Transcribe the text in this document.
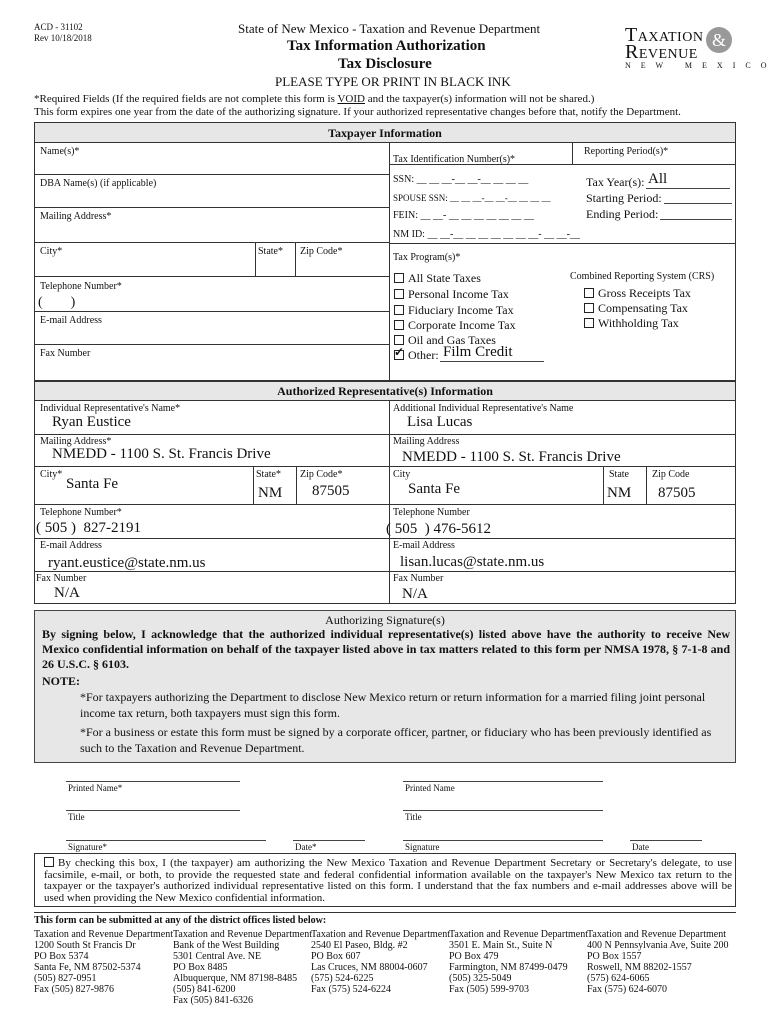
ACD - 31102
Rev 10/18/2018
State of New Mexico - Taxation and Revenue Department
Tax Information Authorization
Tax Disclosure
PLEASE TYPE OR PRINT IN BLACK INK
Taxation
Revenue
&
N E W   M E X I C O
*Required Fields (If the required fields are not complete this form is VOID and the taxpayer(s) information will not be shared.)
This form expires one year from the date of the authorizing signature. If your authorized representative changes before that, notify the Department.
Taxpayer Information
Name(s)*
Tax Identification Number(s)*
Reporting Period(s)*
DBA Name(s) (if applicable)
Mailing Address*
City*	State* Zip Code*
Telephone Number*
(        )
E-mail Address
Fax Number
SSN: __ __ __-__ __-__ __ __ __
SPOUSE SSN: __ __ __-__ __-__ __ __ __
FEIN: __ __- __ __ __ __ __ __ __
NM ID: __ __-__ __ __ __ __ __ __- __ __-__
Tax Year(s): All
Starting Period:
Ending Period:
Tax Program(s)*
All State Taxes
Personal Income Tax
Fiduciary Income Tax
Corporate Income Tax
Oil and Gas Taxes
✓ Other: Film Credit
Combined Reporting System (CRS)
Gross Receipts Tax
Compensating Tax
Withholding Tax
Authorized Representative(s) Information
Individual Representative's Name*
Ryan Eustice
Mailing Address*
NMEDD - 1100 S. St. Francis Drive
City*
Santa Fe
State*
NM
Zip Code*
87505
Telephone Number*
( 505 )  827-2191
E-mail Address
ryant.eustice@state.nm.us
Fax Number
N/A
Additional Individual Representative's Name
Lisa Lucas
Mailing Address
NMEDD - 1100 S. St. Francis Drive
City
Santa Fe
State
NM
Zip Code
87505
Telephone Number
( 505  ) 476-5612
E-mail Address
lisan.lucas@state.nm.us
Fax Number
N/A
Authorizing Signature(s)
By signing below, I acknowledge that the authorized individual representative(s) listed above have the authority to receive New Mexico confidential information on behalf of the taxpayer listed above in tax matters related to this form per NMSA 1978, § 7-1-8 and 26 U.S.C. § 6103.
NOTE:
*For taxpayers authorizing the Department to disclose New Mexico return or return information for a married filing joint personal income tax return, both taxpayers must sign this form.
*For a business or estate this form must be signed by a corporate officer, partner, or fiduciary who has been previously identified as such to the Taxation and Revenue Department.
Printed Name*	Printed Name
Title	Title
Signature*	Date*	Signature	Date
By checking this box, I (the taxpayer) am authorizing the New Mexico Taxation and Revenue Department Secretary or Secretary's delegate, to use facsimile, e-mail, or both, to provide the requested state and federal confidential information available on the taxpayer's New Mexico tax return to the taxpayer or the taxpayer's authorized individual representative listed on this form. I understand that the fax numbers and e-mail addresses above will be used when providing the New Mexico confidential information.
This form can be submitted at any of the district offices listed below:
Taxation and Revenue Department
1200 South St Francis Dr
PO Box 5374
Santa Fe, NM 87502-5374
(505) 827-0951
Fax (505) 827-9876
Taxation and Revenue Department
Bank of the West Building
5301 Central Ave. NE
PO Box 8485
Albuquerque, NM 87198-8485
(505) 841-6200
Fax (505) 841-6326
Taxation and Revenue Department
2540 El Paseo, Bldg. #2
PO Box 607
Las Cruces, NM 88004-0607
(575) 524-6225
Fax (575) 524-6224
Taxation and Revenue Department
3501 E. Main St., Suite N
PO Box 479
Farmington, NM 87499-0479
(505) 325-5049
Fax (505) 599-9703
Taxation and Revenue Department
400 N Pennsylvania Ave, Suite 200
PO Box 1557
Roswell, NM 88202-1557
(575) 624-6065
Fax (575) 624-6070
